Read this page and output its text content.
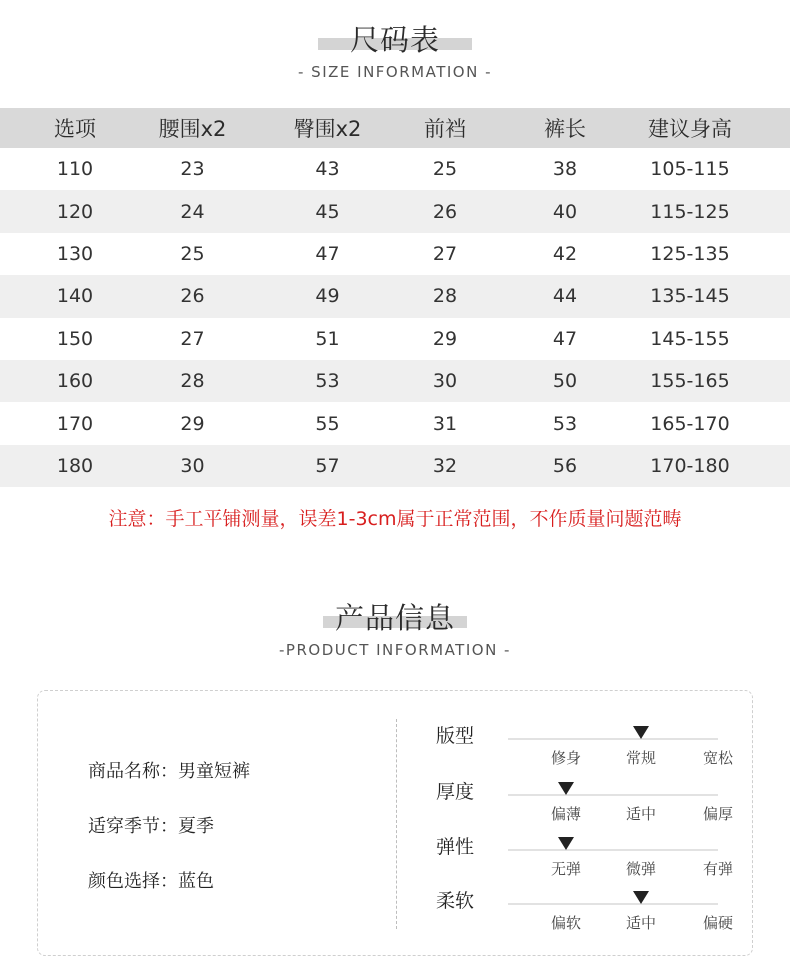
尺码表
- SIZE INFORMATION -
选项	腰围x2	臀围x2	前裆	裤长	建议身高
110	23	43	25	38	105-115
120	24	45	26	40	115-125
130	25	47	27	42	125-135
140	26	49	28	44	135-145
150	27	51	29	47	145-155
160	28	53	30	50	155-165
170	29	55	31	53	165-170
180	30	57	32	56	170-180
注意：手工平铺测量，误差1-3cm属于正常范围，不作质量问题范畴
产品信息
-PRODUCT INFORMATION -
商品名称：男童短裤
适穿季节：夏季
颜色选择：蓝色
版型
修身	常规	宽松
厚度
偏薄	适中	偏厚
弹性
无弹	微弹	有弹
柔软
偏软	适中	偏硬
